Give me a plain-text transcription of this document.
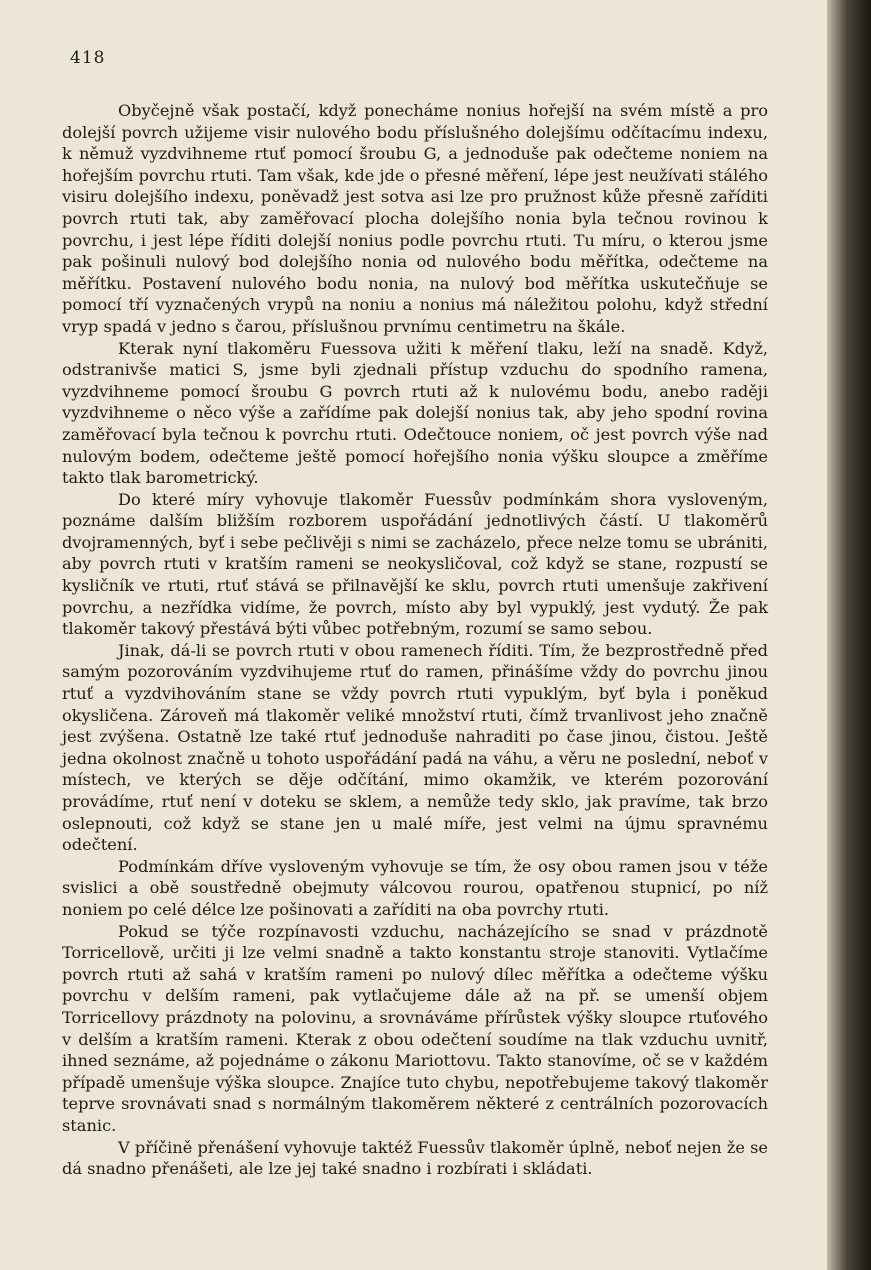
418

Obyčejně však postačí, když ponecháme nonius hořejší na svém místě a pro dolejší povrch užijeme visir nulového bodu příslušného dolejšímu odčítacímu indexu, k němuž vyzdvihneme rtuť pomocí šroubu G, a jednoduše pak odečteme noniem na hořejším povrchu rtuti. Tam však, kde jde o přesné měření, lépe jest neužívati stálého visiru dolejšího indexu, poněvadž jest sotva asi lze pro pružnost kůže přesně zaříditi povrch rtuti tak, aby zaměřovací plocha dolejšího nonia byla tečnou rovinou k povrchu, i jest lépe říditi dolejší nonius podle povrchu rtuti. Tu míru, o kterou jsme pak pošinuli nulový bod dolejšího nonia od nulového bodu měřítka, odečteme na měřítku. Postavení nulového bodu nonia, na nulový bod měřítka uskutečňuje se pomocí tří vyznačených vrypů na noniu a nonius má náležitou polohu, když střední vryp spadá v jedno s čarou, příslušnou prvnímu centimetru na škále.

Kterak nyní tlakoměru Fuessova užiti k měření tlaku, leží na snadě. Když, odstranivše matici S, jsme byli zjednali přístup vzduchu do spodního ramena, vyzdvihneme pomocí šroubu G povrch rtuti až k nulovému bodu, anebo raději vyzdvihneme o něco výše a zařídíme pak dolejší nonius tak, aby jeho spodní rovina zaměřovací byla tečnou k povrchu rtuti. Odečtouce noniem, oč jest povrch výše nad nulovým bodem, odečteme ještě pomocí hořejšího nonia výšku sloupce a změříme takto tlak barometrický.

Do které míry vyhovuje tlakoměr Fuessův podmínkám shora vysloveným, poznáme dalším bližším rozborem uspořádání jednotlivých částí. U tlakoměrů dvojramenných, byť i sebe pečlivěji s nimi se zacházelo, přece nelze tomu se ubrániti, aby povrch rtuti v kratším rameni se neokysličoval, což když se stane, rozpustí se kysličník ve rtuti, rtuť stává se přilnavější ke sklu, povrch rtuti umenšuje zakřivení povrchu, a nezřídka vidíme, že povrch, místo aby byl vypuklý, jest vydutý. Že pak tlakoměr takový přestává býti vůbec potřebným, rozumí se samo sebou.

Jinak, dá-li se povrch rtuti v obou ramenech říditi. Tím, že bezprostředně před samým pozorováním vyzdvihujeme rtuť do ramen, přinášíme vždy do povrchu jinou rtuť a vyzdvihováním stane se vždy povrch rtuti vypuklým, byť byla i poněkud okysličena. Zároveň má tlakoměr veliké množství rtuti, čímž trvanlivost jeho značně jest zvýšena. Ostatně lze také rtuť jednoduše nahraditi po čase jinou, čistou. Ještě jedna okolnost značně u tohoto uspořádání padá na váhu, a věru ne poslední, neboť v místech, ve kterých se děje odčítání, mimo okamžik, ve kterém pozorování provádíme, rtuť není v doteku se sklem, a nemůže tedy sklo, jak pravíme, tak brzo oslepnouti, což když se stane jen u malé míře, jest velmi na újmu spravnému odečtení.

Podmínkám dříve vysloveným vyhovuje se tím, že osy obou ramen jsou v téže svislici a obě soustředně obejmuty válcovou rourou, opatřenou stupnicí, po níž noniem po celé délce lze pošinovati a zaříditi na oba povrchy rtuti.

Pokud se týče rozpínavosti vzduchu, nacházejícího se snad v prázdnotě Torricellově, určiti ji lze velmi snadně a takto konstantu stroje stanoviti. Vytlačíme povrch rtuti až sahá v kratším rameni po nulový dílec měřítka a odečteme výšku povrchu v delším rameni, pak vytlačujeme dále až na př. se umenší objem Torricellovy prázdnoty na polovinu, a srovnáváme přírůstek výšky sloupce rtuťového v delším a kratším rameni. Kterak z obou odečtení soudíme na tlak vzduchu uvnitř, ihned seznáme, až pojednáme o zákonu Mariottovu. Takto stanovíme, oč se v každém případě umenšuje výška sloupce. Znajíce tuto chybu, nepotřebujeme takový tlakoměr teprve srovnávati snad s normálným tlakoměrem některé z centrálních pozorovacích stanic.

V příčině přenášení vyhovuje taktéž Fuessův tlakoměr úplně, neboť nejen že se dá snadno přenášeti, ale lze jej také snadno i rozbírati i skládati.
